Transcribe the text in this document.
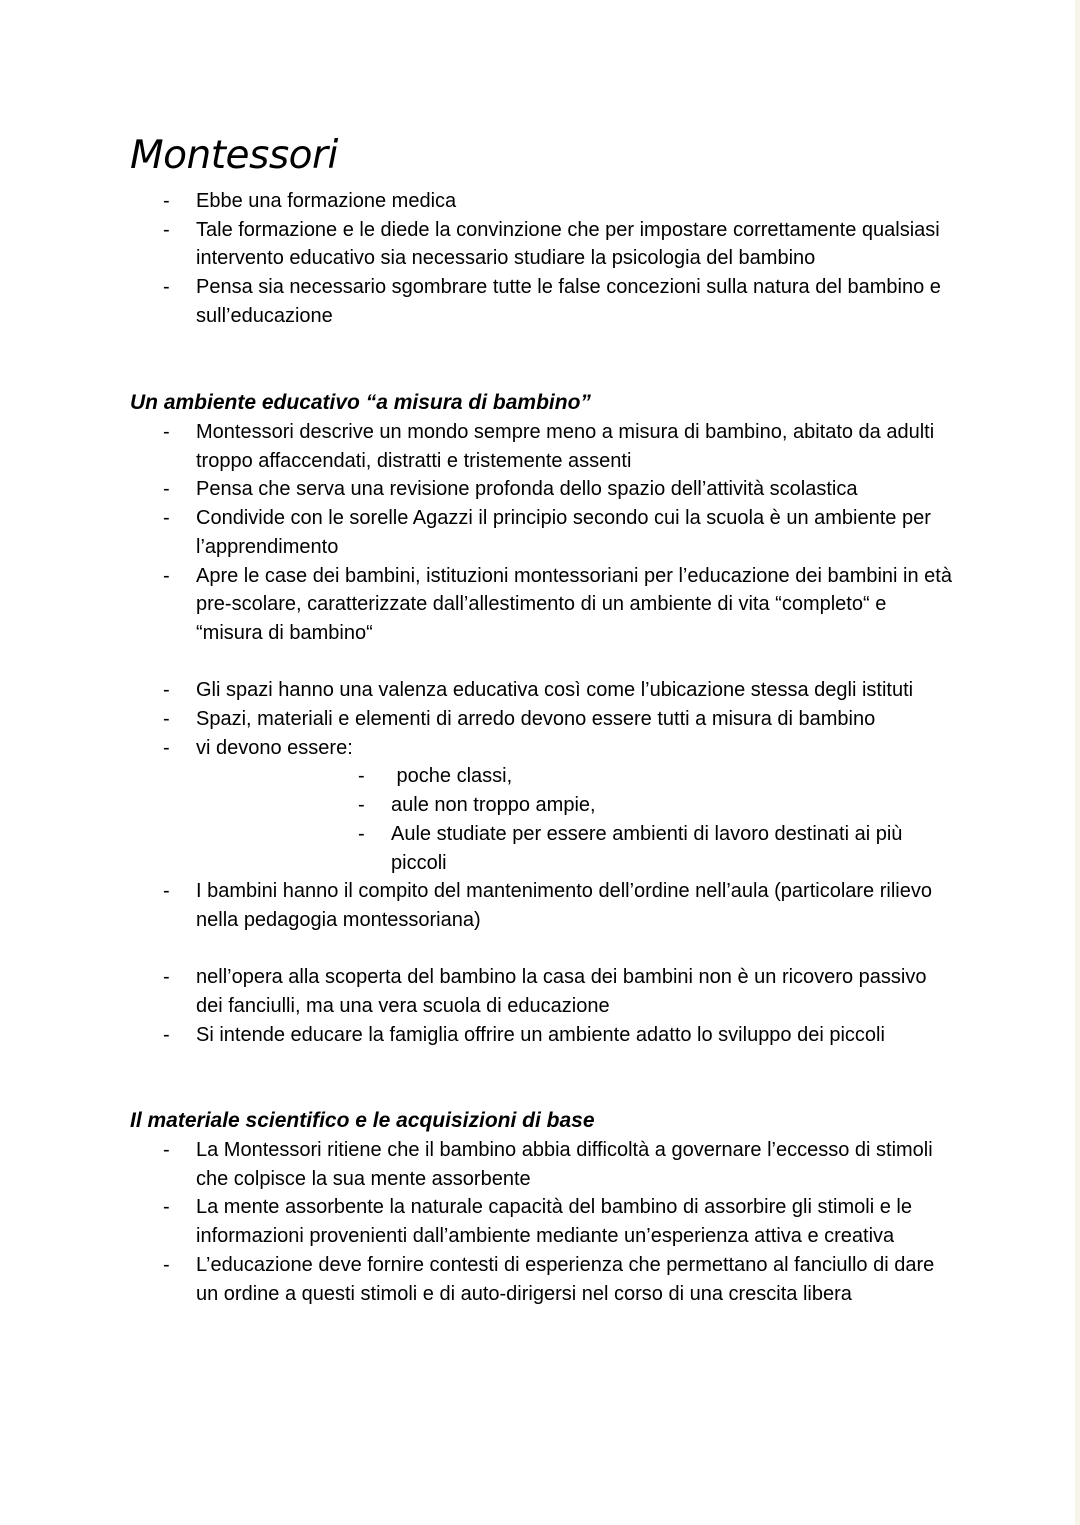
Montessori
- Ebbe una formazione medica
- Tale formazione e le diede la convinzione che per impostare correttamente qualsiasi intervento educativo sia necessario studiare la psicologia del bambino
- Pensa sia necessario sgombrare tutte le false concezioni sulla natura del bambino e sull’educazione
Un ambiente educativo “a misura di bambino”
- Montessori descrive un mondo sempre meno a misura di bambino, abitato da adulti troppo affaccendati, distratti e tristemente assenti
- Pensa che serva una revisione profonda dello spazio dell’attività scolastica
- Condivide con le sorelle Agazzi il principio secondo cui la scuola è un ambiente per l’apprendimento
- Apre le case dei bambini, istituzioni montessoriani per l’educazione dei bambini in età pre-scolare, caratterizzate dall’allestimento di un ambiente di vita “completo“ e “misura di bambino“
- Gli spazi hanno una valenza educativa così come l’ubicazione stessa degli istituti
- Spazi, materiali e elementi di arredo devono essere tutti a misura di bambino
- vi devono essere:
- poche classi,
- aule non troppo ampie,
- Aule studiate per essere ambienti di lavoro destinati ai più piccoli
- I bambini hanno il compito del mantenimento dell’ordine nell’aula (particolare rilievo nella pedagogia montessoriana)
- nell’opera alla scoperta del bambino la casa dei bambini non è un ricovero passivo dei fanciulli, ma una vera scuola di educazione
- Si intende educare la famiglia offrire un ambiente adatto lo sviluppo dei piccoli
Il materiale scientifico e le acquisizioni di base
- La Montessori ritiene che il bambino abbia difficoltà a governare l’eccesso di stimoli che colpisce la sua mente assorbente
- La mente assorbente la naturale capacità del bambino di assorbire gli stimoli e le informazioni provenienti dall’ambiente mediante un’esperienza attiva e creativa
- L’educazione deve fornire contesti di esperienza che permettano al fanciullo di dare un ordine a questi stimoli e di auto-dirigersi nel corso di una crescita libera
